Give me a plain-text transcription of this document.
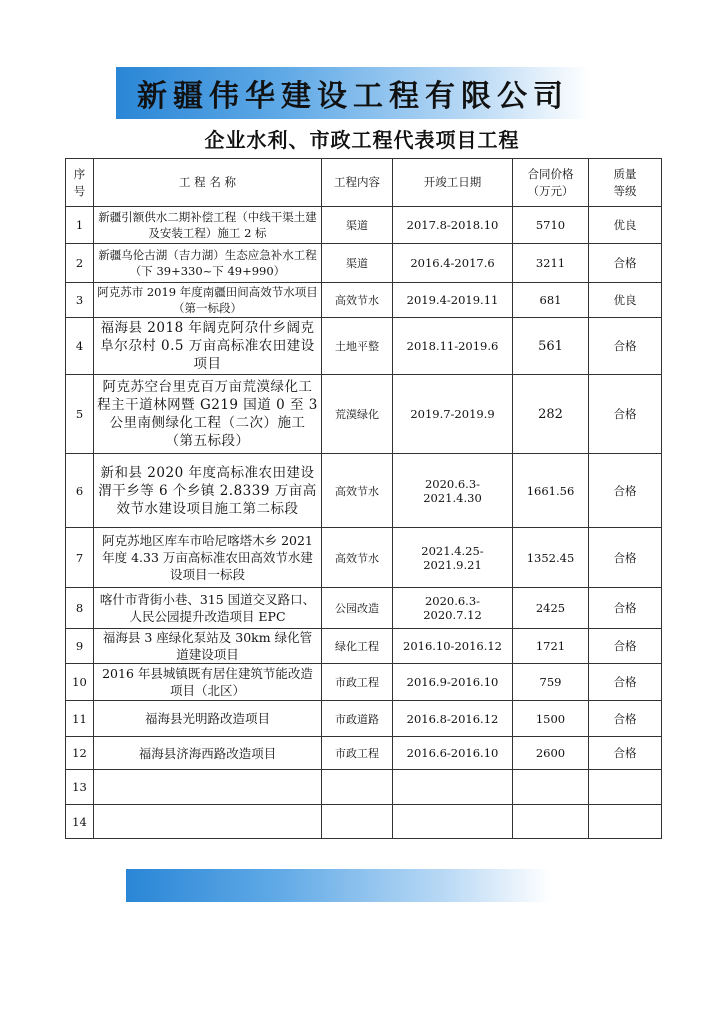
新疆伟华建设工程有限公司
企业水利、市政工程代表项目工程
序号	工 程 名 称	工程内容	开竣工日期	合同价格（万元）	质量等级
1	新疆引额供水二期补偿工程（中线干渠土建及安装工程）施工 2 标	渠道	2017.8-2018.10	5710	优良
2	新疆乌伦古湖（吉力湖）生态应急补水工程（下 39+330~下 49+990）	渠道	2016.4-2017.6	3211	合格
3	阿克苏市 2019 年度南疆田间高效节水项目（第一标段）	高效节水	2019.4-2019.11	681	优良
4	福海县 2018 年阔克阿尕什乡阔克阜尔尕村 0.5 万亩高标准农田建设项目	土地平整	2018.11-2019.6	561	合格
5	阿克苏空台里克百万亩荒漠绿化工程主干道林网暨 G219 国道 0 至 3 公里南侧绿化工程（二次）施工（第五标段）	荒漠绿化	2019.7-2019.9	282	合格
6	新和县 2020 年度高标准农田建设渭干乡等 6 个乡镇 2.8339 万亩高效节水建设项目施工第二标段	高效节水	2020.6.3-2021.4.30	1661.56	合格
7	阿克苏地区库车市哈尼喀塔木乡 2021 年度 4.33 万亩高标准农田高效节水建设项目一标段	高效节水	2021.4.25-2021.9.21	1352.45	合格
8	喀什市背街小巷、315 国道交叉路口、人民公园提升改造项目 EPC	公园改造	2020.6.3-2020.7.12	2425	合格
9	福海县 3 座绿化泵站及 30km 绿化管道建设项目	绿化工程	2016.10-2016.12	1721	合格
10	2016 年县城镇既有居住建筑节能改造项目（北区）	市政工程	2016.9-2016.10	759	合格
11	福海县光明路改造项目	市政道路	2016.8-2016.12	1500	合格
12	福海县济海西路改造项目	市政工程	2016.6-2016.10	2600	合格
13					
14					
